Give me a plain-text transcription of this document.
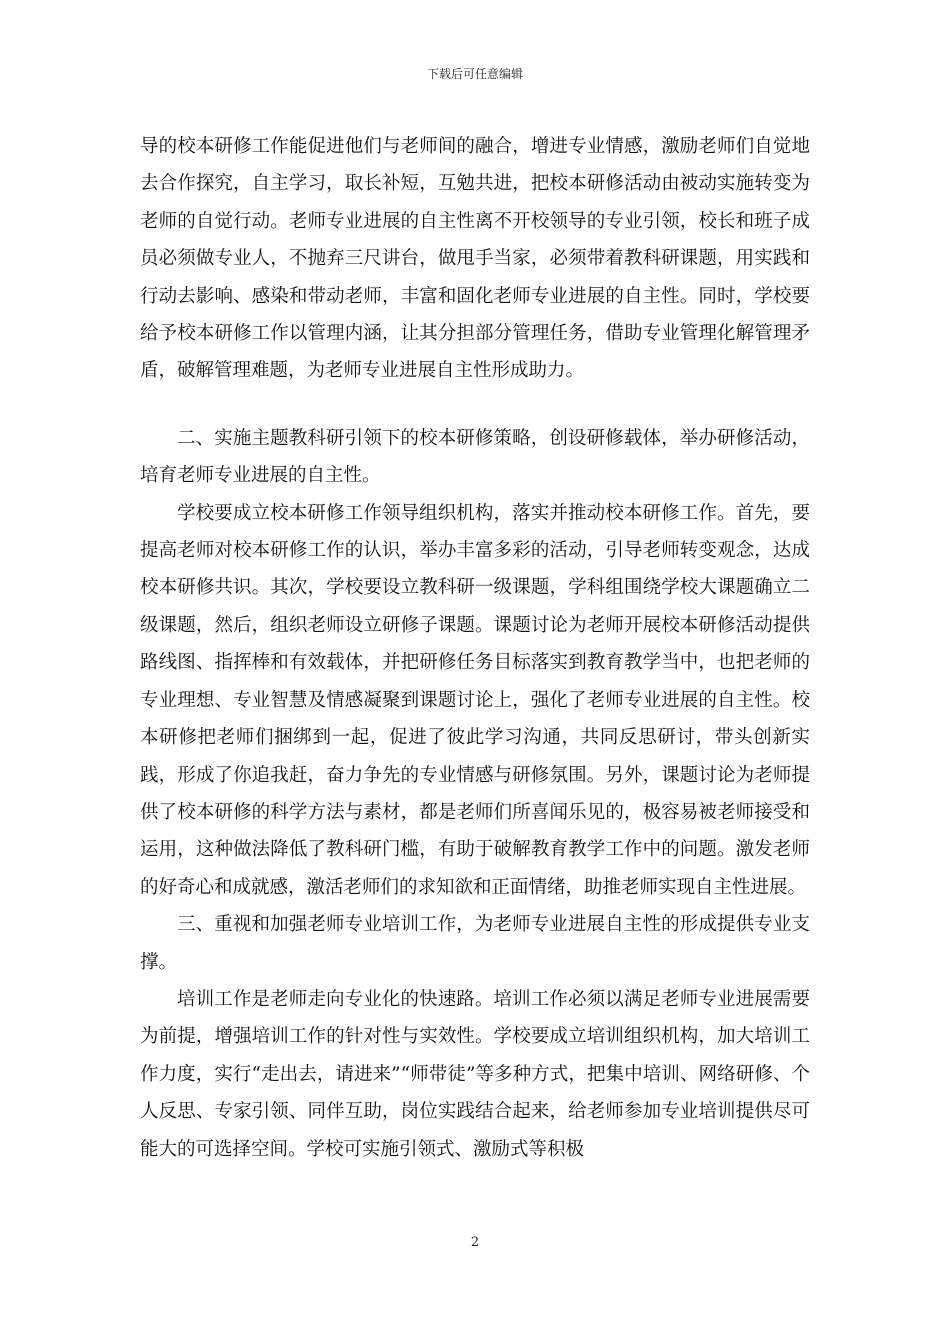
下载后可任意编辑

导的校本研修工作能促进他们与老师间的融合，增进专业情感，激励老师们自觉地去合作探究，自主学习，取长补短，互勉共进，把校本研修活动由被动实施转变为老师的自觉行动。老师专业进展的自主性离不开校领导的专业引领，校长和班子成员必须做专业人，不抛弃三尺讲台，做甩手当家，必须带着教科研课题，用实践和行动去影响、感染和带动老师，丰富和固化老师专业进展的自主性。同时，学校要给予校本研修工作以管理内涵，让其分担部分管理任务，借助专业管理化解管理矛盾，破解管理难题，为老师专业进展自主性形成助力。

二、实施主题教科研引领下的校本研修策略，创设研修载体，举办研修活动，培育老师专业进展的自主性。

学校要成立校本研修工作领导组织机构，落实并推动校本研修工作。首先，要提高老师对校本研修工作的认识，举办丰富多彩的活动，引导老师转变观念，达成校本研修共识。其次，学校要设立教科研一级课题，学科组围绕学校大课题确立二级课题，然后，组织老师设立研修子课题。课题讨论为老师开展校本研修活动提供路线图、指挥棒和有效载体，并把研修任务目标落实到教育教学当中，也把老师的专业理想、专业智慧及情感凝聚到课题讨论上，强化了老师专业进展的自主性。校本研修把老师们捆绑到一起，促进了彼此学习沟通，共同反思研讨，带头创新实践，形成了你追我赶，奋力争先的专业情感与研修氛围。另外，课题讨论为老师提供了校本研修的科学方法与素材，都是老师们所喜闻乐见的，极容易被老师接受和运用，这种做法降低了教科研门槛，有助于破解教育教学工作中的问题。激发老师的好奇心和成就感，激活老师们的求知欲和正面情绪，助推老师实现自主性进展。

三、重视和加强老师专业培训工作，为老师专业进展自主性的形成提供专业支撑。

培训工作是老师走向专业化的快速路。培训工作必须以满足老师专业进展需要为前提，增强培训工作的针对性与实效性。学校要成立培训组织机构，加大培训工作力度，实行“走出去，请进来”“师带徒”等多种方式，把集中培训、网络研修、个人反思、专家引领、同伴互助，岗位实践结合起来，给老师参加专业培训提供尽可能大的可选择空间。学校可实施引领式、激励式等积极

2
